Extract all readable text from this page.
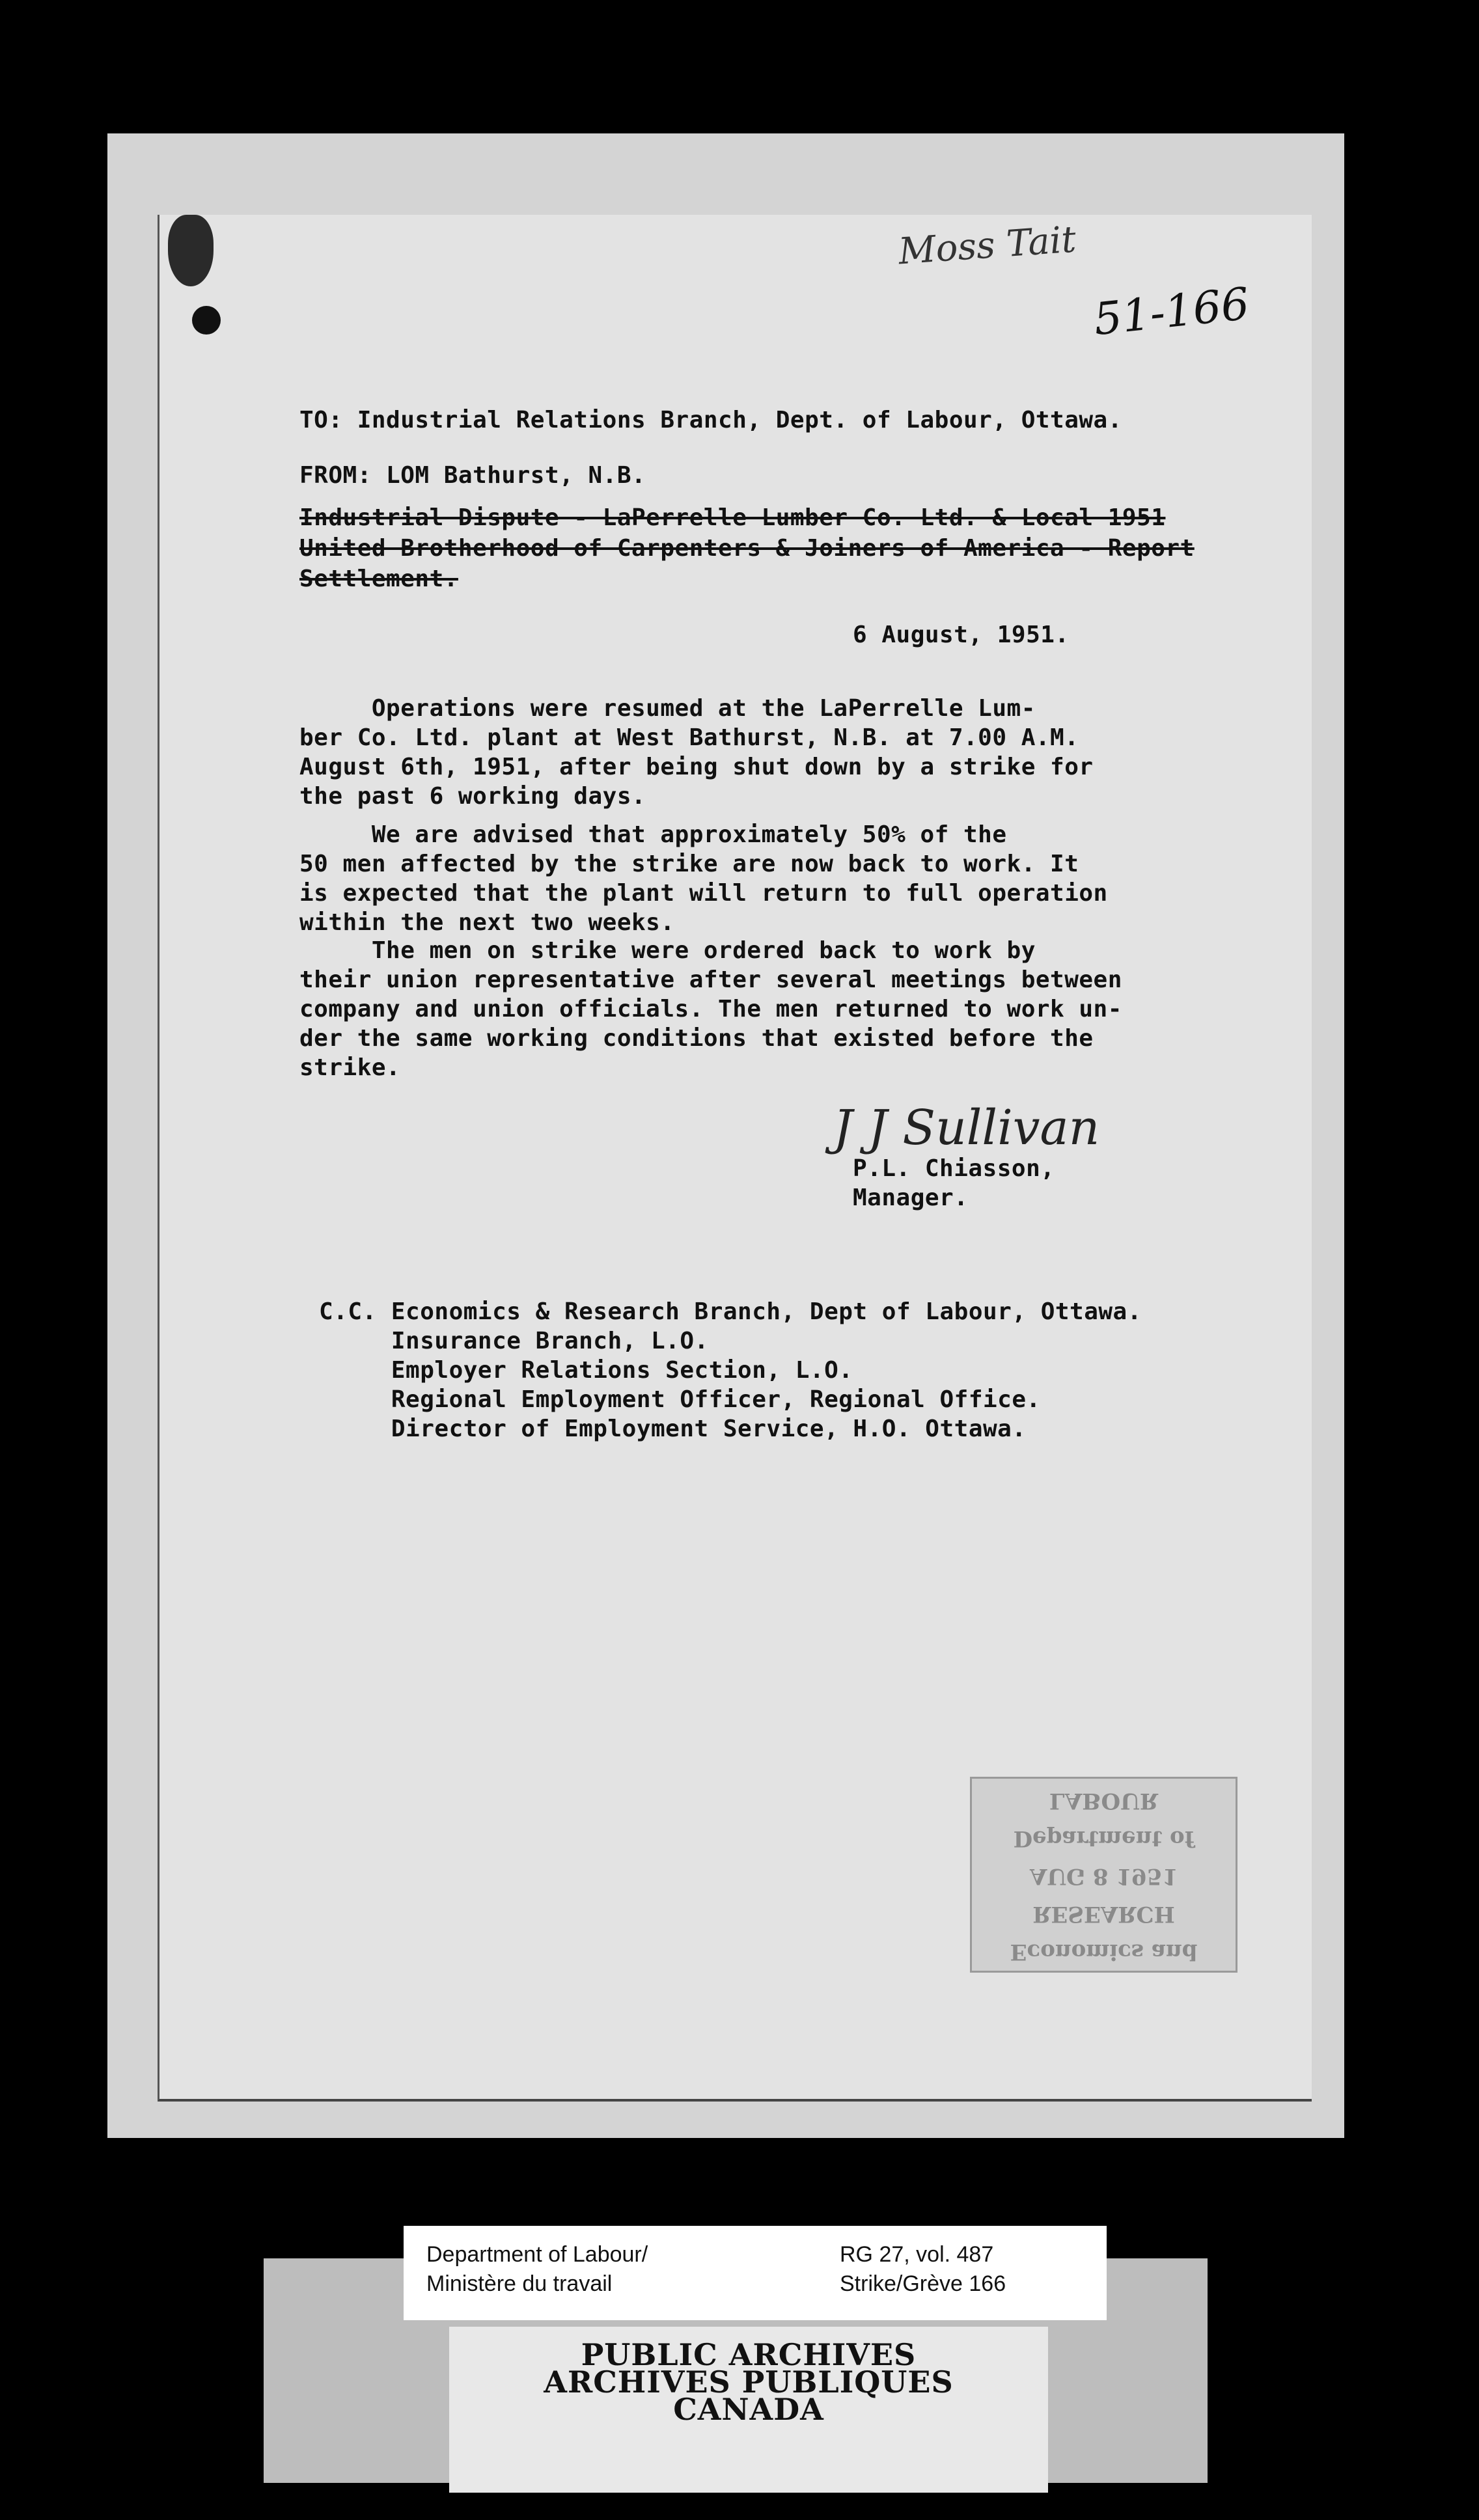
Moss Tait
51-166

TO: Industrial Relations Branch, Dept. of Labour, Ottawa.

FROM: LOM Bathurst, N.B.

Industrial Dispute - LaPerrelle Lumber Co. Ltd. & Local 1951

United Brotherhood of Carpenters & Joiners of America - Report

Settlement.

6 August, 1951.

Operations were resumed at the LaPerrelle Lum-

ber Co. Ltd. plant at West Bathurst, N.B. at 7.00 A.M.

August 6th, 1951, after being shut down by a strike for

the past 6 working days.

We are advised that approximately 50% of the

50 men affected by the strike are now back to work. It

is expected that the plant will return to full operation

within the next two weeks.

The men on strike were ordered back to work by

their union representative after several meetings between

company and union officials. The men returned to work un-

der the same working conditions that existed before the

strike.

J J Sullivan

P.L. Chiasson,

Manager.

C.C. Economics & Research Branch, Dept of Labour, Ottawa.

Insurance Branch, L.O.

Employer Relations Section, L.O.

Regional Employment Officer, Regional Office.

Director of Employment Service, H.O. Ottawa.

Economics and
RESEARCH
AUG 8 1951
Department of
LABOUR
Department of Labour/
Ministère du travail
RG 27, vol. 487
Strike/Grève 166
PUBLIC ARCHIVES
ARCHIVES PUBLIQUES
CANADA
